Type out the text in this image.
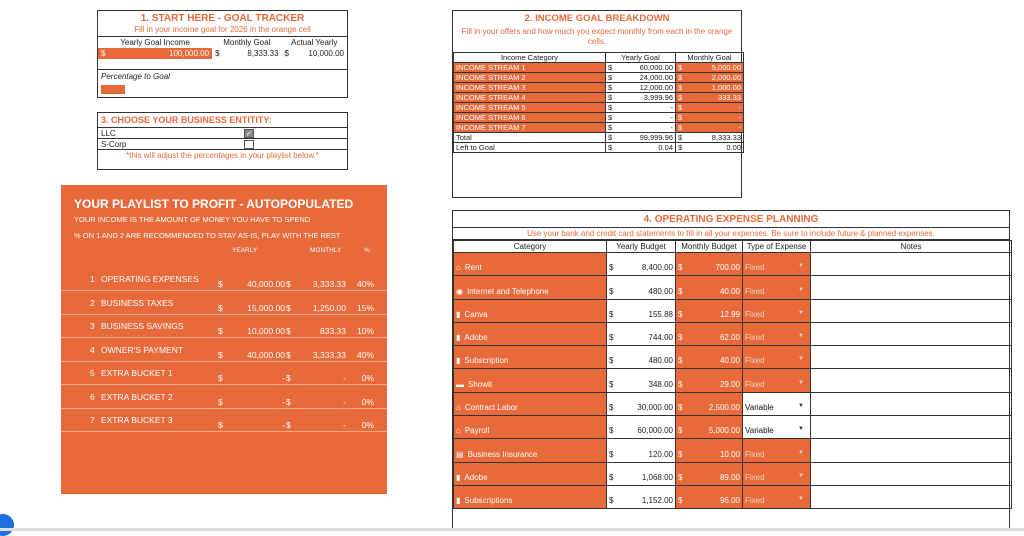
1. START HERE - GOAL TRACKER
Fill in your income goal for 2026 in the orange cell
Yearly Goal Income	Monthly Goal	Actual Yearly
$	100,000.00 $	8,333.33 $ 10,000.00
Percentage to Goal
3. CHOOSE YOUR BUSINESS ENTITITY:
LLC	✓
S-Corp
*this will adjust the percentages in your playlist below.*
YOUR PLAYLIST TO PROFIT - AUTOPOPULATED
YOUR INCOME IS THE AMOUNT OF MONEY YOU HAVE TO SPEND
% ON 1 AND 2 ARE RECOMMENDED TO STAY AS-IS, PLAY WITH THE REST
YEARLY	MONTHLY	%
1 OPERATING EXPENSES $	40,000.00 $	3,333.33 40%
2 BUSINESS TAXES	$	15,000.00 $	1,250.00 15%
3 BUSINESS SAVINGS	$	10,000.00 $	833.33 10%
4 OWNER'S PAYMENT	$	40,000.00 $	3,333.33 40%
5 EXTRA BUCKET 1	$	- $	- 0%
6 EXTRA BUCKET 2	$	- $	- 0%
7 EXTRA BUCKET 3	$	- $	- 0%
2. INCOME GOAL BREAKDOWN
Fill in your offers and how much you expect monthly from each in the orange cells.
Income Category	Yearly Goal	Monthly Goal
INCOME STREAM 1	$ 60,000.00	$ 5,000.00
INCOME STREAM 2	$ 24,000.00	$ 2,000.00
INCOME STREAM 3	$ 12,000.00	$ 1,000.00
INCOME STREAM 4	$ 3,999.96	$ 333.33
INCOME STREAM 5	$ -	$ -
INCOME STREAM 6	$ -	$ -
INCOME STREAM 7	$ -	$ -
Total	$ 99,999.96	$ 8,333.33
Left to Goal	$ 0.04	$ 0.00
4. OPERATING EXPENSE PLANNING
Use your bank and credit card statements to fill in all your expenses. Be sure to include future & planned expenses.
Category	Yearly Budget	Monthly Budget	Type of Expense	Notes
⌂ Rent	$ 8,400.00	$ 700.00	Fixed ▼	

◉ Internet and Telephone	$ 480.00	$ 40.00	Fixed ▼	

▮ Canva	$ 155.88	$ 12.99	Fixed ▼	

▮ Adobe	$ 744.00	$ 62.00	Fixed ▼	

▮ Subscription	$ 480.00	$ 40.00	Fixed ▼	

▬ Showit	$ 348.00	$ 29.00	Fixed ▼	

⌂ Contract Labor	$ 30,000.00	$ 2,500.00	Variable ▼	

⌂ Payroll	$ 60,000.00	$ 5,000.00	Variable ▼	

▤ Business Insurance	$ 120.00	$ 10.00	Fixed ▼	

▮ Adobe	$ 1,068.00	$ 89.00	Fixed ▼	

▮ Subscriptions	$ 1,152.00	$ 96.00	Fixed ▼	
